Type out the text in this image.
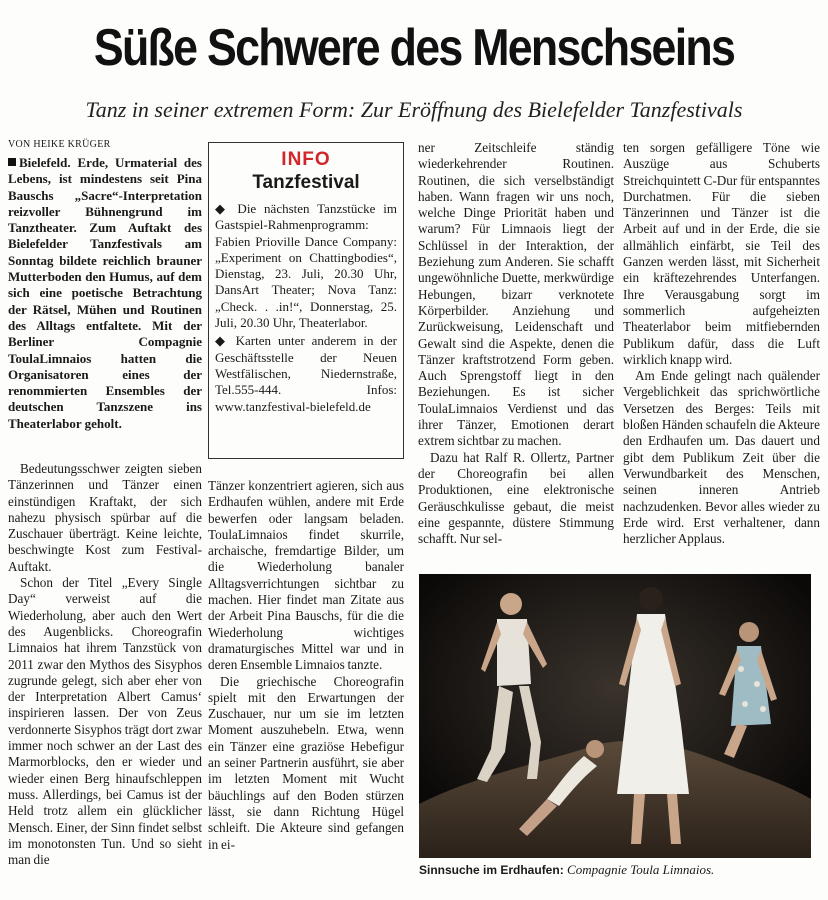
Süße Schwere des Menschseins
Tanz in seiner extremen Form: Zur Eröffnung des Bielefelder Tanzfestivals
VON HEIKE KRÜGER
Bielefeld. Erde, Urmaterial des Lebens, ist mindestens seit Pina Bauschs „Sacre“-Interpretation reizvoller Bühnengrund im Tanztheater. Zum Auftakt des Bielefelder Tanzfestivals am Sonntag bildete reichlich brauner Mutterboden den Humus, auf dem sich eine poetische Betrachtung der Rätsel, Mühen und Routinen des Alltags entfaltete. Mit der Berliner Compagnie ToulaLimnaios hatten die Organisatoren eines der renommierten Ensembles der deutschen Tanzszene ins Theaterlabor geholt.

Bedeutungsschwer zeigten sieben Tänzerinnen und Tänzer einen einstündigen Kraftakt, der sich nahezu physisch spürbar auf die Zuschauer überträgt. Keine leichte, beschwingte Kost zum Festival-Auftakt.

Schon der Titel „Every Single Day“ verweist auf die Wiederholung, aber auch den Wert des Augenblicks. Choreografin Limnaios hat ihrem Tanzstück von 2011 zwar den Mythos des Sisyphos zugrunde gelegt, sich aber eher von der Interpretation Albert Camus‘ inspirieren lassen. Der von Zeus verdonnerte Sisyphos trägt dort zwar immer noch schwer an der Last des Marmorblocks, den er wieder und wieder einen Berg hinaufschleppen muss. Allerdings, bei Camus ist der Held trotz allem ein glücklicher Mensch. Einer, der Sinn findet selbst im monotonsten Tun. Und so sieht man die

INFO
Tanzfestival

◆ Die nächsten Tanzstücke im Gastspiel-Rahmenprogramm: Fabien Prioville Dance Company: „Experiment on Chattingbodies“, Dienstag, 23. Juli, 20.30 Uhr, DansArt Theater; Nova Tanz: „Check. . .in!“, Donnerstag, 25. Juli, 20.30 Uhr, Theaterlabor.

◆ Karten unter anderem in der Geschäftsstelle der Neuen Westfälischen, Niedernstraße, Tel.555-444. Infos: www.tanzfestival-bielefeld.de

Tänzer konzentriert agieren, sich aus Erdhaufen wühlen, andere mit Erde bewerfen oder langsam beladen. ToulaLimnaios findet skurrile, archaische, fremdartige Bilder, um die Wiederholung banaler Alltagsverrichtungen sichtbar zu machen. Hier findet man Zitate aus der Arbeit Pina Bauschs, für die die Wiederholung wichtiges dramaturgisches Mittel war und in deren Ensemble Limnaios tanzte.

Die griechische Choreografin spielt mit den Erwartungen der Zuschauer, nur um sie im letzten Moment auszuhebeln. Etwa, wenn ein Tänzer eine graziöse Hebefigur an seiner Partnerin ausführt, sie aber im letzten Moment mit Wucht bäuchlings auf den Boden stürzen lässt, sie dann Richtung Hügel schleift. Die Akteure sind gefangen in ei-

ner Zeitschleife ständig wiederkehrender Routinen. Routinen, die sich verselbständigt haben. Wann fragen wir uns noch, welche Dinge Priorität haben und warum? Für Limnaois liegt der Schlüssel in der Interaktion, der Beziehung zum Anderen. Sie schafft ungewöhnliche Duette, merkwürdige Hebungen, bizarr verknotete Körperbilder. Anziehung und Zurückweisung, Leidenschaft und Gewalt sind die Aspekte, denen die Tänzer kraftstrotzend Form geben. Auch Sprengstoff liegt in den Beziehungen. Es ist sicher ToulaLimnaios Verdienst und das ihrer Tänzer, Emotionen derart extrem sichtbar zu machen.

Dazu hat Ralf R. Ollertz, Partner der Choreografin bei allen Produktionen, eine elektronische Geräuschkulisse gebaut, die meist eine gespannte, düstere Stimmung schafft. Nur sel-

ten sorgen gefälligere Töne wie Auszüge aus Schuberts Streichquintett C-Dur für entspanntes Durchatmen. Für die sieben Tänzerinnen und Tänzer ist die Arbeit auf und in der Erde, die sie allmählich einfärbt, sie Teil des Ganzen werden lässt, mit Sicherheit ein kräftezehrendes Unterfangen. Ihre Verausgabung sorgt im sommerlich aufgeheizten Theaterlabor beim mitfiebernden Publikum dafür, dass die Luft wirklich knapp wird.

Am Ende gelingt nach quälender Vergeblichkeit das sprichwörtliche Versetzen des Berges: Teils mit bloßen Händen schaufeln die Akteure den Erdhaufen um. Das dauert und gibt dem Publikum Zeit über die Verwundbarkeit des Menschen, seinen inneren Antrieb nachzudenken. Bevor alles wieder zu Erde wird. Erst verhaltener, dann herzlicher Applaus.

Sinnsuche im Erdhaufen: Compagnie Toula Limnaios.
